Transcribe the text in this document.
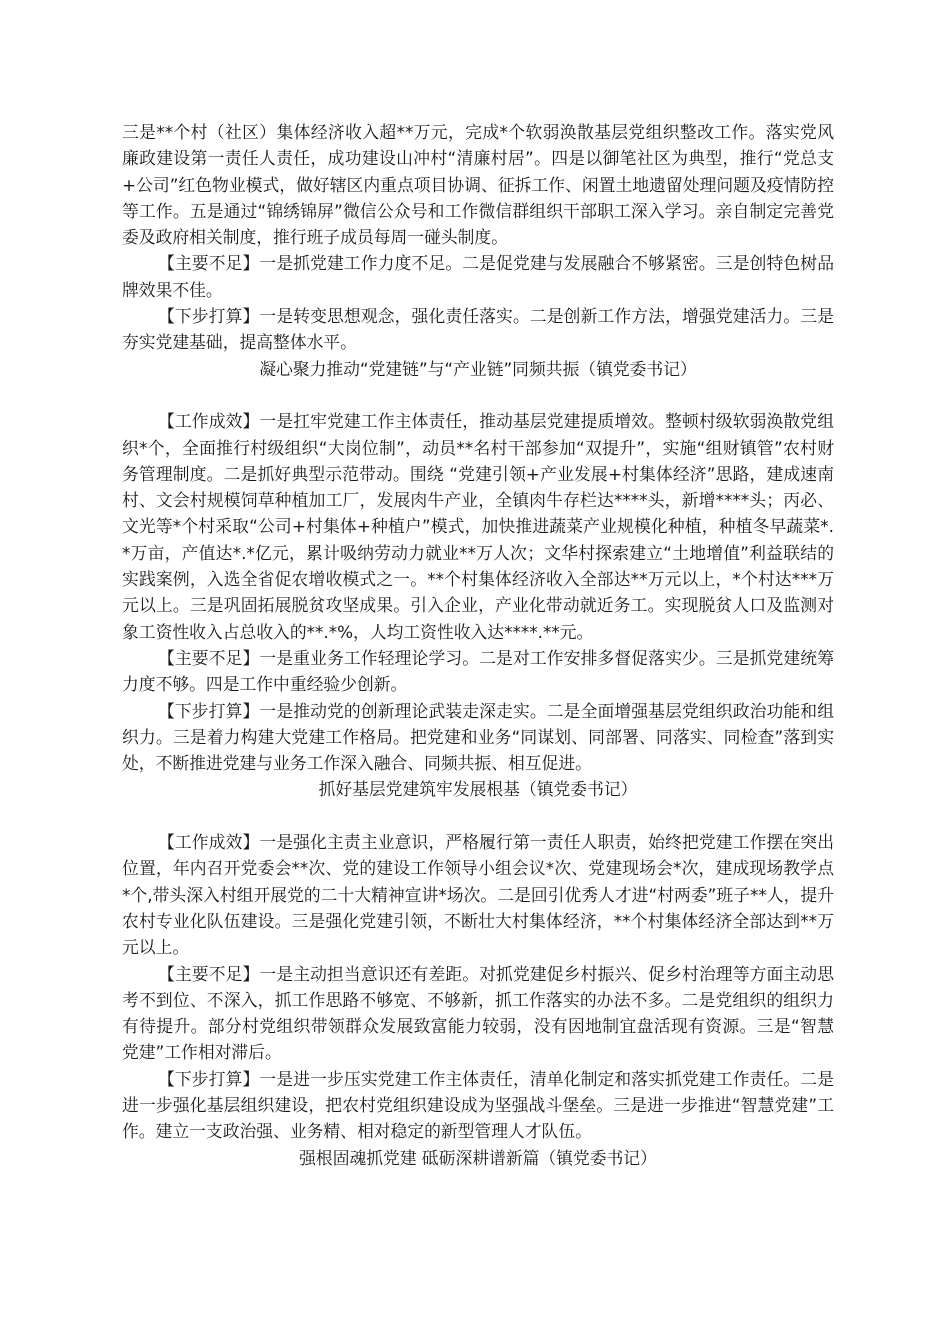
三是**个村（社区）集体经济收入超**万元，完成*个软弱涣散基层党组织整改工作。落实党风廉政建设第一责任人责任，成功建设山冲村“清廉村居”。四是以御笔社区为典型，推行“党总支+公司”红色物业模式，做好辖区内重点项目协调、征拆工作、闲置土地遗留处理问题及疫情防控等工作。五是通过“锦绣锦屏”微信公众号和工作微信群组织干部职工深入学习。亲自制定完善党委及政府相关制度，推行班子成员每周一碰头制度。

【主要不足】一是抓党建工作力度不足。二是促党建与发展融合不够紧密。三是创特色树品牌效果不佳。

【下步打算】一是转变思想观念，强化责任落实。二是创新工作方法，增强党建活力。三是夯实党建基础，提高整体水平。

凝心聚力推动“党建链”与“产业链”同频共振（镇党委书记）

【工作成效】一是扛牢党建工作主体责任，推动基层党建提质增效。整顿村级软弱涣散党组织*个，全面推行村级组织“大岗位制”，动员**名村干部参加“双提升”，实施“组财镇管”农村财务管理制度。二是抓好典型示范带动。围绕 “党建引领+产业发展+村集体经济”思路，建成速南村、文会村规模饲草种植加工厂，发展肉牛产业，全镇肉牛存栏达****头，新增****头；丙必、文光等*个村采取“公司+村集体+种植户”模式，加快推进蔬菜产业规模化种植，种植冬早蔬菜*.*万亩，产值达*.*亿元，累计吸纳劳动力就业**万人次；文华村探索建立“土地增值”利益联结的实践案例，入选全省促农增收模式之一。**个村集体经济收入全部达**万元以上，*个村达***万元以上。三是巩固拓展脱贫攻坚成果。引入企业，产业化带动就近务工。实现脱贫人口及监测对象工资性收入占总收入的**.*%，人均工资性收入达****.**元。

【主要不足】一是重业务工作轻理论学习。二是对工作安排多督促落实少。三是抓党建统筹力度不够。四是工作中重经验少创新。

【下步打算】一是推动党的创新理论武装走深走实。二是全面增强基层党组织政治功能和组织力。三是着力构建大党建工作格局。把党建和业务“同谋划、同部署、同落实、同检查”落到实处，不断推进党建与业务工作深入融合、同频共振、相互促进。

抓好基层党建筑牢发展根基（镇党委书记）

【工作成效】一是强化主责主业意识，严格履行第一责任人职责，始终把党建工作摆在突出位置，年内召开党委会**次、党的建设工作领导小组会议*次、党建现场会*次，建成现场教学点*个,带头深入村组开展党的二十大精神宣讲*场次。二是回引优秀人才进“村两委”班子**人，提升农村专业化队伍建设。三是强化党建引领，不断壮大村集体经济，**个村集体经济全部达到**万元以上。

【主要不足】一是主动担当意识还有差距。对抓党建促乡村振兴、促乡村治理等方面主动思考不到位、不深入，抓工作思路不够宽、不够新，抓工作落实的办法不多。二是党组织的组织力有待提升。部分村党组织带领群众发展致富能力较弱，没有因地制宜盘活现有资源。三是“智慧党建”工作相对滞后。

【下步打算】一是进一步压实党建工作主体责任，清单化制定和落实抓党建工作责任。二是进一步强化基层组织建设，把农村党组织建设成为坚强战斗堡垒。三是进一步推进“智慧党建”工作。建立一支政治强、业务精、相对稳定的新型管理人才队伍。

强根固魂抓党建 砥砺深耕谱新篇（镇党委书记）
